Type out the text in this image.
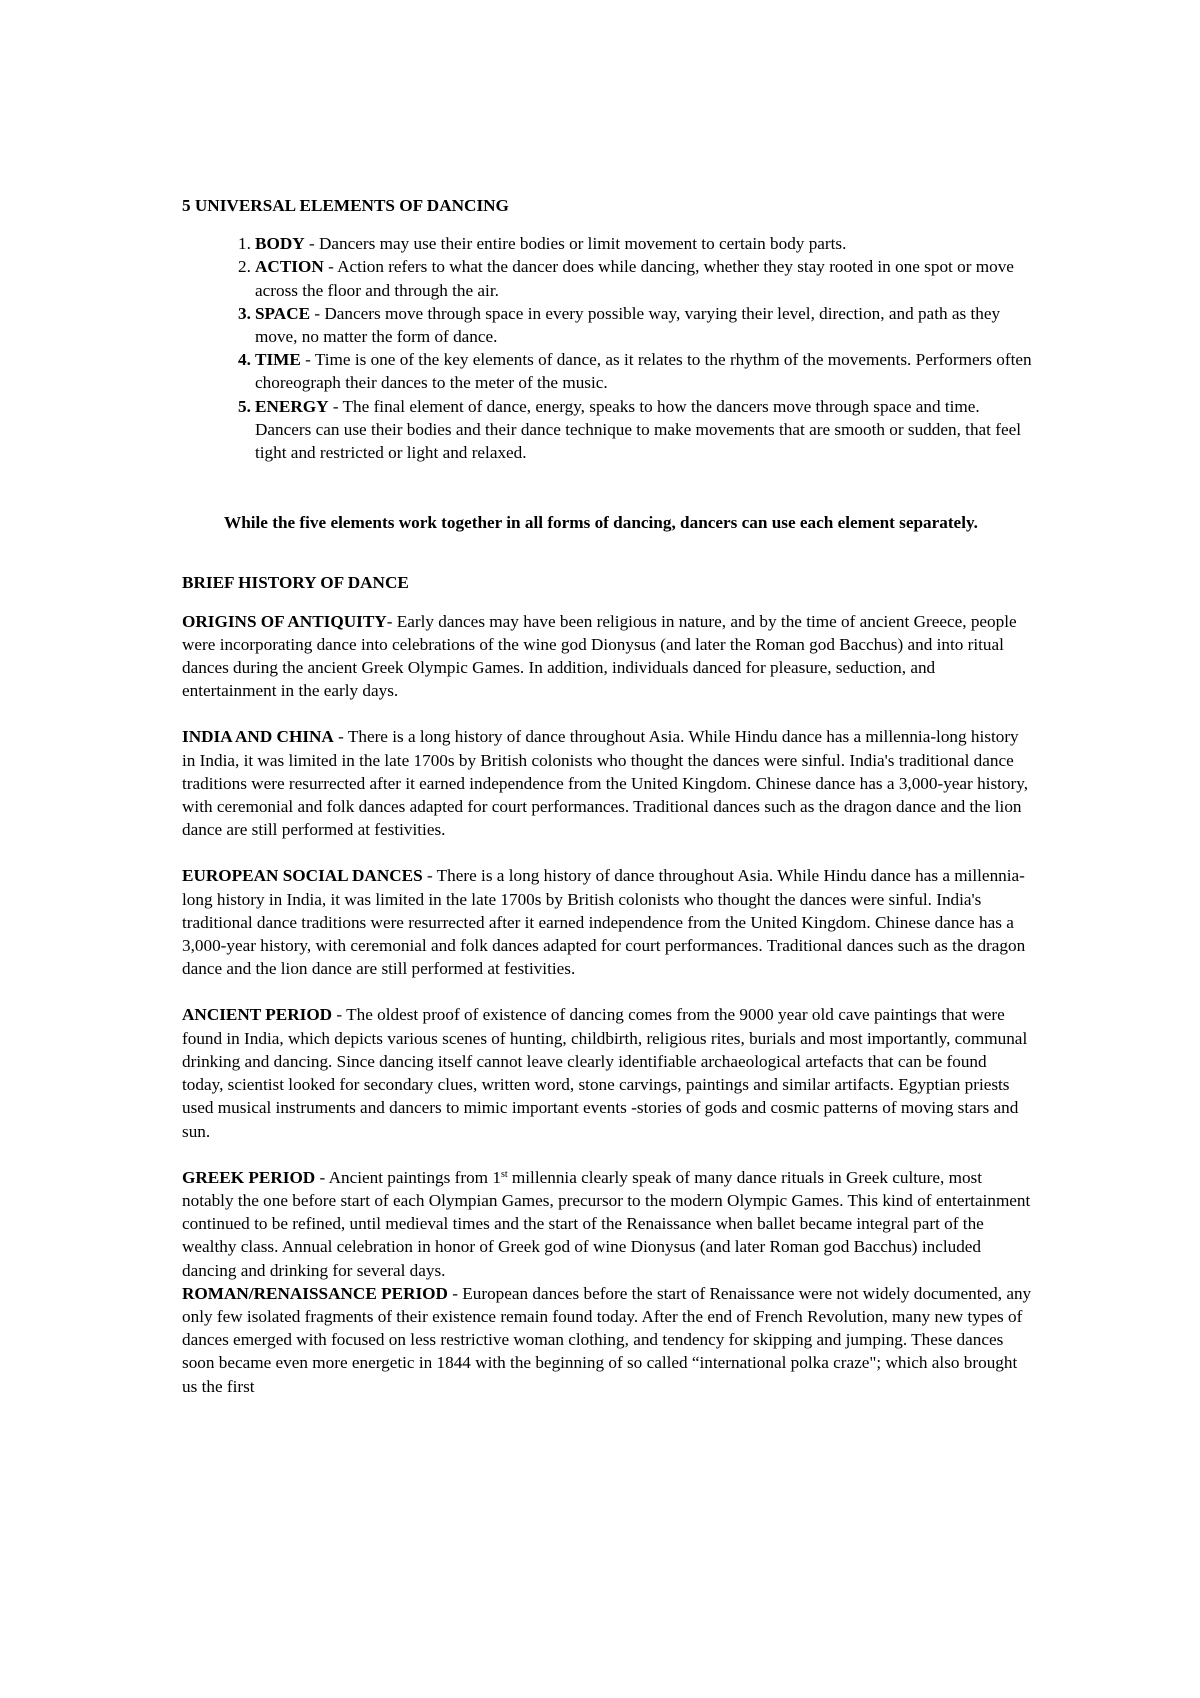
5 UNIVERSAL ELEMENTS OF DANCING

1. BODY - Dancers may use their entire bodies or limit movement to certain body parts.
2. ACTION - Action refers to what the dancer does while dancing, whether they stay rooted in one spot or move across the floor and through the air.
3. SPACE - Dancers move through space in every possible way, varying their level, direction, and path as they move, no matter the form of dance.
4. TIME - Time is one of the key elements of dance, as it relates to the rhythm of the movements. Performers often choreograph their dances to the meter of the music.
5. ENERGY - The final element of dance, energy, speaks to how the dancers move through space and time. Dancers can use their bodies and their dance technique to make movements that are smooth or sudden, that feel tight and restricted or light and relaxed.

While the five elements work together in all forms of dancing, dancers can use each element separately.

BRIEF HISTORY OF DANCE

ORIGINS OF ANTIQUITY- Early dances may have been religious in nature, and by the time of ancient Greece, people were incorporating dance into celebrations of the wine god Dionysus (and later the Roman god Bacchus) and into ritual dances during the ancient Greek Olympic Games. In addition, individuals danced for pleasure, seduction, and entertainment in the early days.

INDIA AND CHINA - There is a long history of dance throughout Asia. While Hindu dance has a millennia-long history in India, it was limited in the late 1700s by British colonists who thought the dances were sinful. India's traditional dance traditions were resurrected after it earned independence from the United Kingdom. Chinese dance has a 3,000-year history, with ceremonial and folk dances adapted for court performances. Traditional dances such as the dragon dance and the lion dance are still performed at festivities.

EUROPEAN SOCIAL DANCES - There is a long history of dance throughout Asia. While Hindu dance has a millennia-long history in India, it was limited in the late 1700s by British colonists who thought the dances were sinful. India's traditional dance traditions were resurrected after it earned independence from the United Kingdom. Chinese dance has a 3,000-year history, with ceremonial and folk dances adapted for court performances. Traditional dances such as the dragon dance and the lion dance are still performed at festivities.

ANCIENT PERIOD - The oldest proof of existence of dancing comes from the 9000 year old cave paintings that were found in India, which depicts various scenes of hunting, childbirth, religious rites, burials and most importantly, communal drinking and dancing. Since dancing itself cannot leave clearly identifiable archaeological artefacts that can be found today, scientist looked for secondary clues, written word, stone carvings, paintings and similar artifacts. Egyptian priests used musical instruments and dancers to mimic important events -stories of gods and cosmic patterns of moving stars and sun.

GREEK PERIOD - Ancient paintings from 1st millennia clearly speak of many dance rituals in Greek culture, most notably the one before start of each Olympian Games, precursor to the modern Olympic Games. This kind of entertainment continued to be refined, until medieval times and the start of the Renaissance when ballet became integral part of the wealthy class. Annual celebration in honor of Greek god of wine Dionysus (and later Roman god Bacchus) included dancing and drinking for several days.

ROMAN/RENAISSANCE PERIOD - European dances before the start of Renaissance were not widely documented, any only few isolated fragments of their existence remain found today. After the end of French Revolution, many new types of dances emerged with focused on less restrictive woman clothing, and tendency for skipping and jumping. These dances soon became even more energetic in 1844 with the beginning of so called “international polka craze"; which also brought us the first
